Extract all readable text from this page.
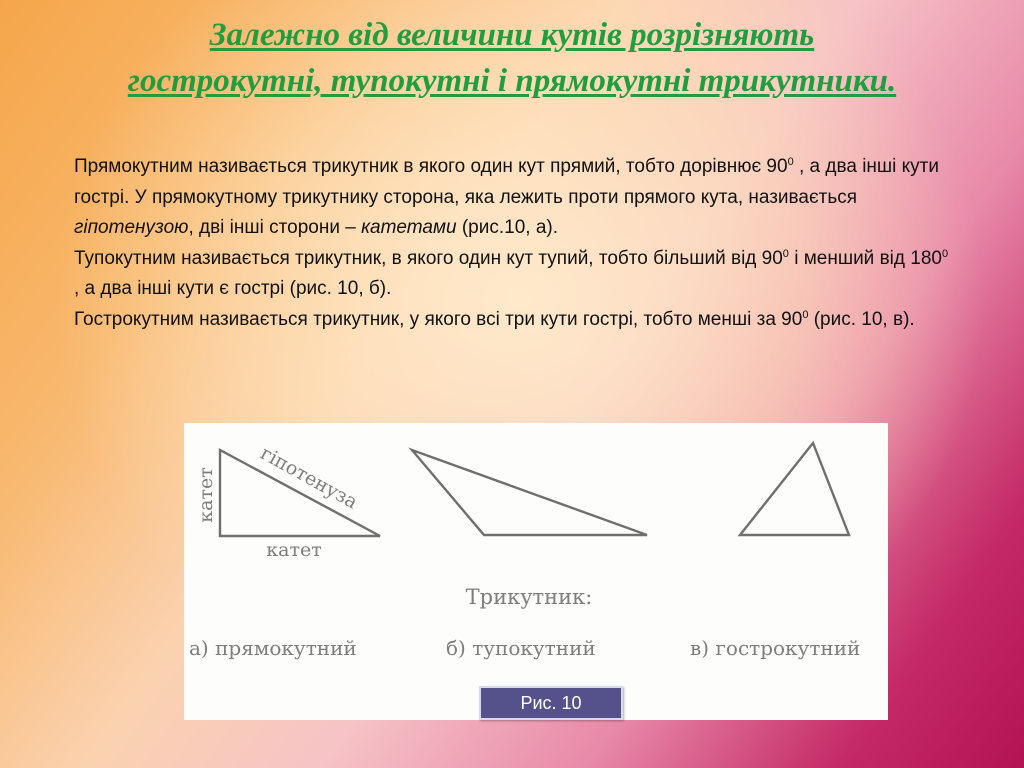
Залежно від величини кутів розрізняють гострокутні, тупокутні і прямокутні трикутники.

Прямокутним називається трикутник в якого один кут прямий, тобто дорівнює $90^0$ , а два інші кути гострі. У прямокутному трикутнику сторона, яка лежить проти прямого кута, називається гіпотенузою, дві інші сторони – катетами (рис.10, а).

Тупокутним називається трикутник, в якого один кут тупий, тобто більший від $90^0$ і менший від $180^0$ , а два інші кути є гострі (рис. 10, б).

Гострокутним називається трикутник, у якого всі три кути гострі, тобто менші за $90^0$ (рис. 10, в).

катет гіпотенуза
катет
Трикутник:
а) прямокутний	б) тупокутний	в) гострокутний
Рис. 10
